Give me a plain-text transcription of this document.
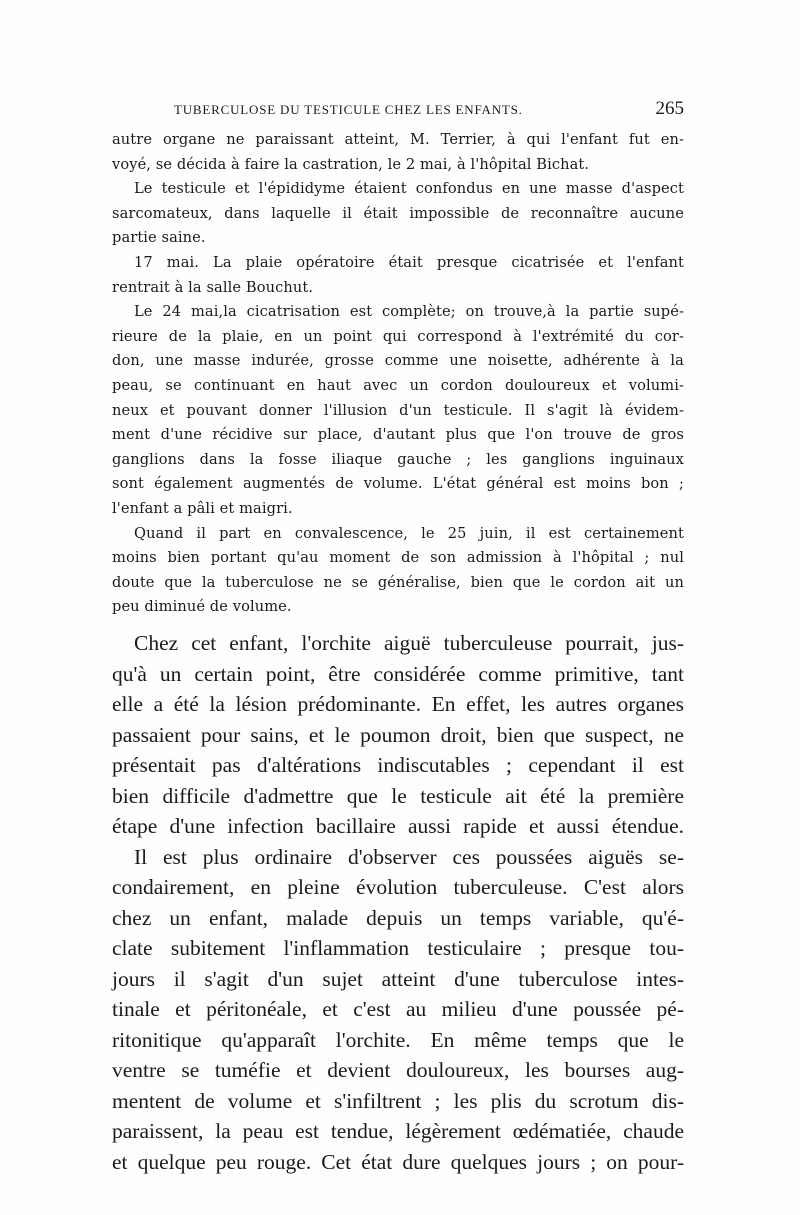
TUBERCULOSE DU TESTICULE CHEZ LES ENFANTS.	265
autre organe ne paraissant atteint, M. Terrier, à qui l'enfant fut en-
voyé, se décida à faire la castration, le 2 mai, à l'hôpital Bichat.
Le testicule et l'épididyme étaient confondus en une masse d'aspect
sarcomateux, dans laquelle il était impossible de reconnaître aucune
partie saine.
17 mai. La plaie opératoire était presque cicatrisée et l'enfant
rentrait à la salle Bouchut.
Le 24 mai,la cicatrisation est complète; on trouve,à la partie supé-
rieure de la plaie, en un point qui correspond à l'extrémité du cor-
don, une masse indurée, grosse comme une noisette, adhérente à la
peau, se continuant en haut avec un cordon douloureux et volumi-
neux et pouvant donner l'illusion d'un testicule. Il s'agit là évidem-
ment d'une récidive sur place, d'autant plus que l'on trouve de gros
ganglions dans la fosse iliaque gauche ; les ganglions inguinaux
sont également augmentés de volume. L'état général est moins bon ;
l'enfant a pâli et maigri.
Quand il part en convalescence, le 25 juin, il est certainement
moins bien portant qu'au moment de son admission à l'hôpital ; nul
doute que la tuberculose ne se généralise, bien que le cordon ait un
peu diminué de volume.
Chez cet enfant, l'orchite aiguë tuberculeuse pourrait, jus-
qu'à un certain point, être considérée comme primitive, tant
elle a été la lésion prédominante. En effet, les autres organes
passaient pour sains, et le poumon droit, bien que suspect, ne
présentait pas d'altérations indiscutables ; cependant il est
bien difficile d'admettre que le testicule ait été la première
étape d'une infection bacillaire aussi rapide et aussi étendue.
Il est plus ordinaire d'observer ces poussées aiguës se-
condairement, en pleine évolution tuberculeuse. C'est alors
chez un enfant, malade depuis un temps variable, qu'é-
clate subitement l'inflammation testiculaire ; presque tou-
jours il s'agit d'un sujet atteint d'une tuberculose intes-
tinale et péritonéale, et c'est au milieu d'une poussée pé-
ritonitique qu'apparaît l'orchite. En même temps que le
ventre se tuméfie et devient douloureux, les bourses aug-
mentent de volume et s'infiltrent ; les plis du scrotum dis-
paraissent, la peau est tendue, légèrement œdématiée, chaude
et quelque peu rouge. Cet état dure quelques jours ; on pour-
